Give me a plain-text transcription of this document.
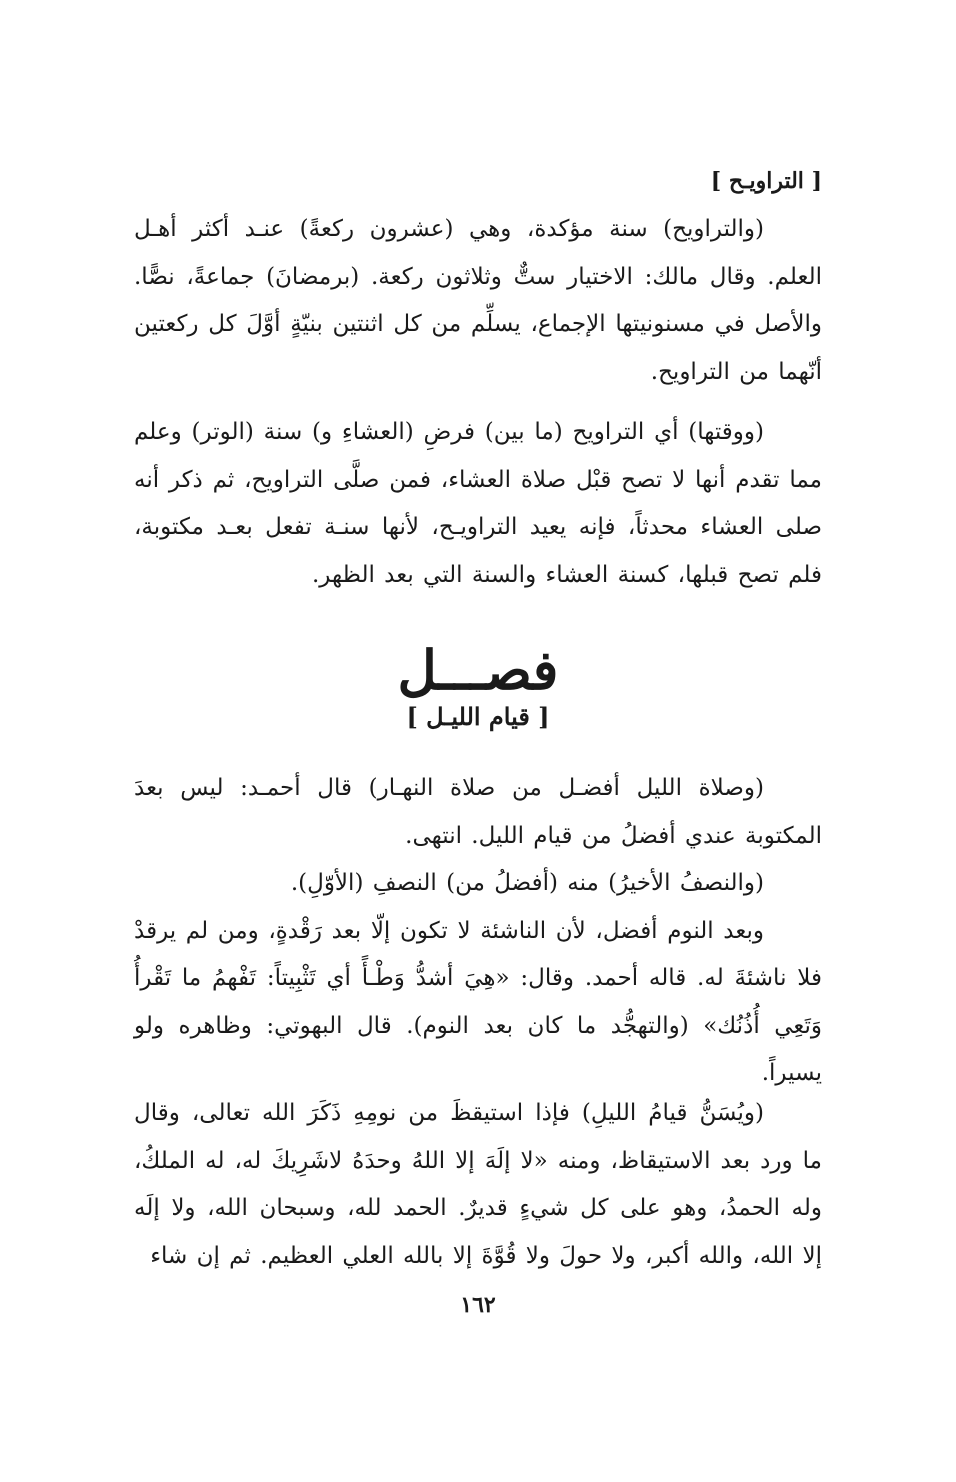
[ التراويـح ]

(والتراويح) سنة مؤكدة، وهي (عشرون ركعةً) عنـد أكثر أهـل العلم. وقال مالك: الاختيار ستٌّ وثلاثون ركعة. (برمضانَ) جماعةً، نصًّا. والأصل في مسنونيتها الإجماع، يسلِّم من كل اثنتين بنيّةٍ أوَّلَ كل ركعتين أنّهما من التراويح.

(ووقتها) أي التراويح (ما بين) فرضِ (العشاءِ و) سنة (الوتر) وعلم مما تقدم أنها لا تصح قبْل صلاة العشاء، فمن صلَّى التراويح، ثم ذكر أنه صلى العشاء محدثاً، فإنه يعيد التراويـح، لأنها سنـة تفعل بعـد مكتوبة، فلم تصح قبلها، كسنة العشاء والسنة التي بعد الظهر.

فصـــل
[ قيام الليـل ]

(وصلاة الليل أفضـل من صلاة النهـار) قال أحمـد: ليس بعدَ المكتوبة عندي أفضلُ من قيام الليل. انتهى.

(والنصفُ الأخيرُ) منه (أفضلُ من) النصفِ (الأوّلِ).

وبعد النوم أفضل، لأن الناشئة لا تكون إلّا بعد رَقْدةٍ، ومن لم يرقدْ فلا ناشئةَ له. قاله أحمد. وقال: «هِيَ أشدُّ وَطْـأً أي تَثْبِيتاً: تَفْهمُ ما تَقْرأُ وَتَعِي أُذُنُك» (والتهجُّد ما كان بعد النوم). قال البهوتي: وظاهره ولو يسيراً.

(ويُسَنُّ قيامُ الليلِ) فإذا استيقظَ من نومِهِ ذَكَرَ الله تعالى، وقال ما ورد بعد الاستيقاظ، ومنه «لا إلَهَ إلا اللهُ وحدَهُ لاشَرِيكَ له، له الملكُ، وله الحمدُ، وهو على كل شيءٍ قديرٌ. الحمد لله، وسبحان الله، ولا إلَه إلا الله، والله أكبر، ولا حولَ ولا قُوَّةَ إلا بالله العلي العظيم. ثم إن شاء

١٦٢
